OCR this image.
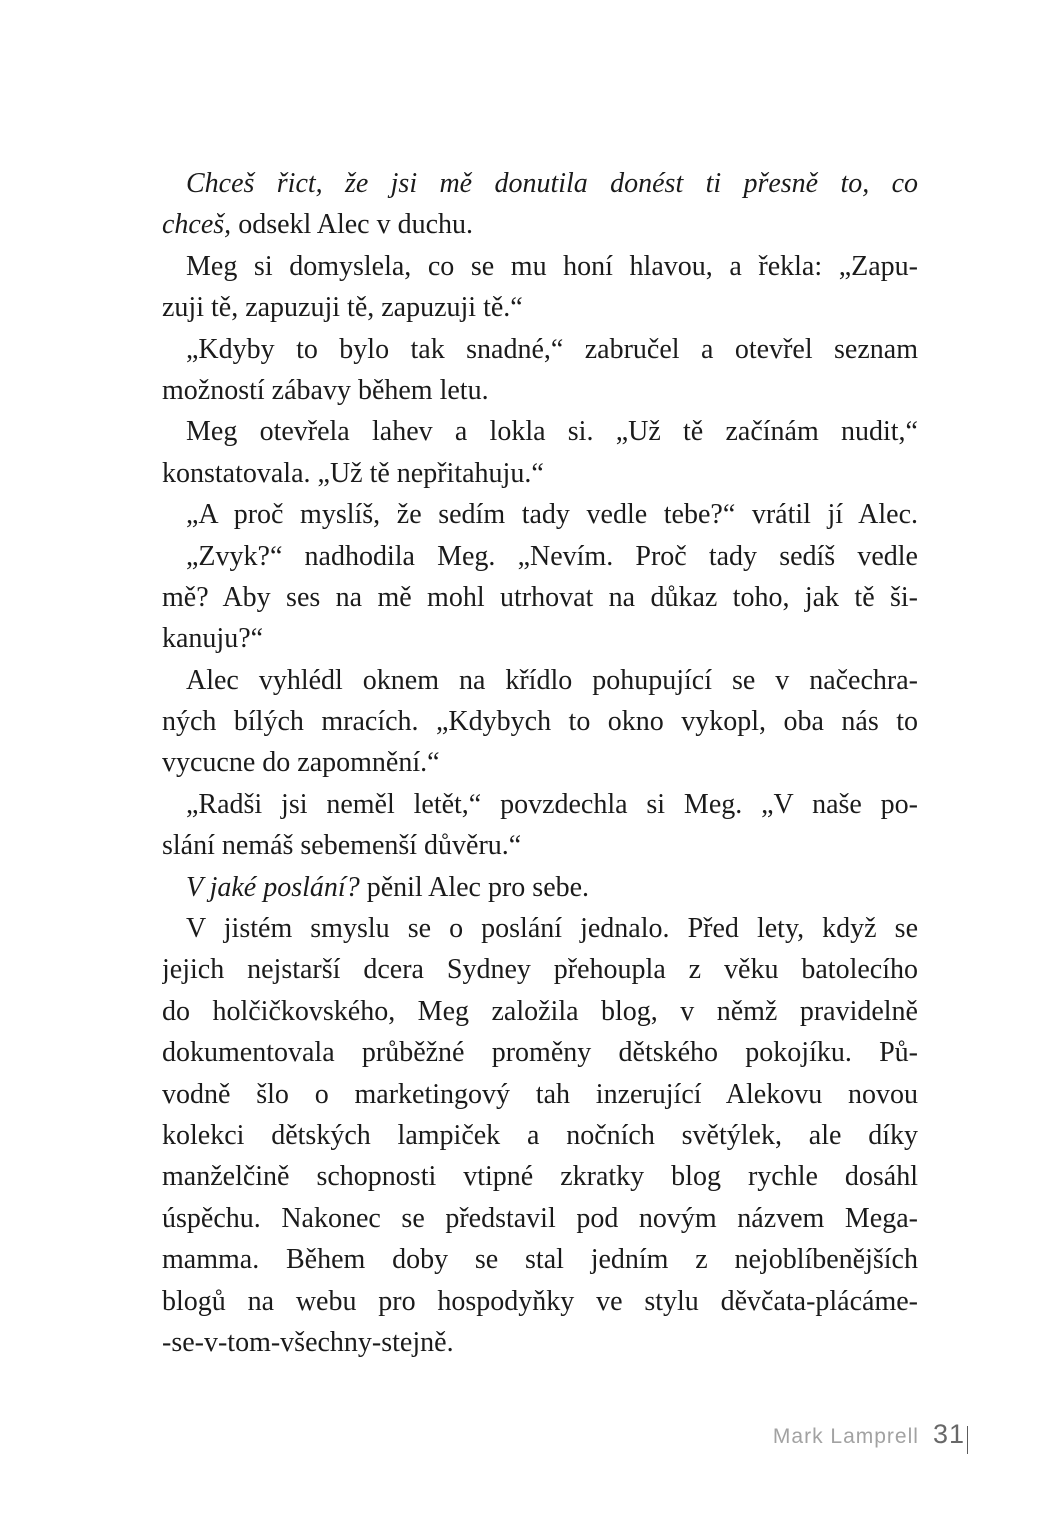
Chceš řict, že jsi mě donutila donést ti přesně to, co
chceš, odsekl Alec v duchu.
Meg si domyslela, co se mu honí hlavou, a řekla: „Zapu-
zuji tě, zapuzuji tě, zapuzuji tě.“
„Kdyby to bylo tak snadné,“ zabručel a otevřel seznam
možností zábavy během letu.
Meg otevřela lahev a lokla si. „Už tě začínám nudit,“
konstatovala. „Už tě nepřitahuju.“
„A proč myslíš, že sedím tady vedle tebe?“ vrátil jí Alec.
„Zvyk?“ nadhodila Meg. „Nevím. Proč tady sedíš vedle
mě? Aby ses na mě mohl utrhovat na důkaz toho, jak tě ši-
kanuju?“
Alec vyhlédl oknem na křídlo pohupující se v načechra-
ných bílých mracích. „Kdybych to okno vykopl, oba nás to
vycucne do zapomnění.“
„Radši jsi neměl letět,“ povzdechla si Meg. „V naše po-
slání nemáš sebemenší důvěru.“
V jaké poslání? pěnil Alec pro sebe.
V jistém smyslu se o poslání jednalo. Před lety, když se
jejich nejstarší dcera Sydney přehoupla z věku batolecího
do holčičkovského, Meg založila blog, v němž pravidelně
dokumentovala průběžné proměny dětského pokojíku. Pů-
vodně šlo o marketingový tah inzerující Alekovu novou
kolekci dětských lampiček a nočních světýlek, ale díky
manželčině schopnosti vtipné zkratky blog rychle dosáhl
úspěchu. Nakonec se představil pod novým názvem Mega-
mamma. Během doby se stal jedním z nejoblíbenějších
blogů na webu pro hospodyňky ve stylu děvčata-plácáme-
-se-v-tom-všechny-stejně.
Mark Lamprell 31
